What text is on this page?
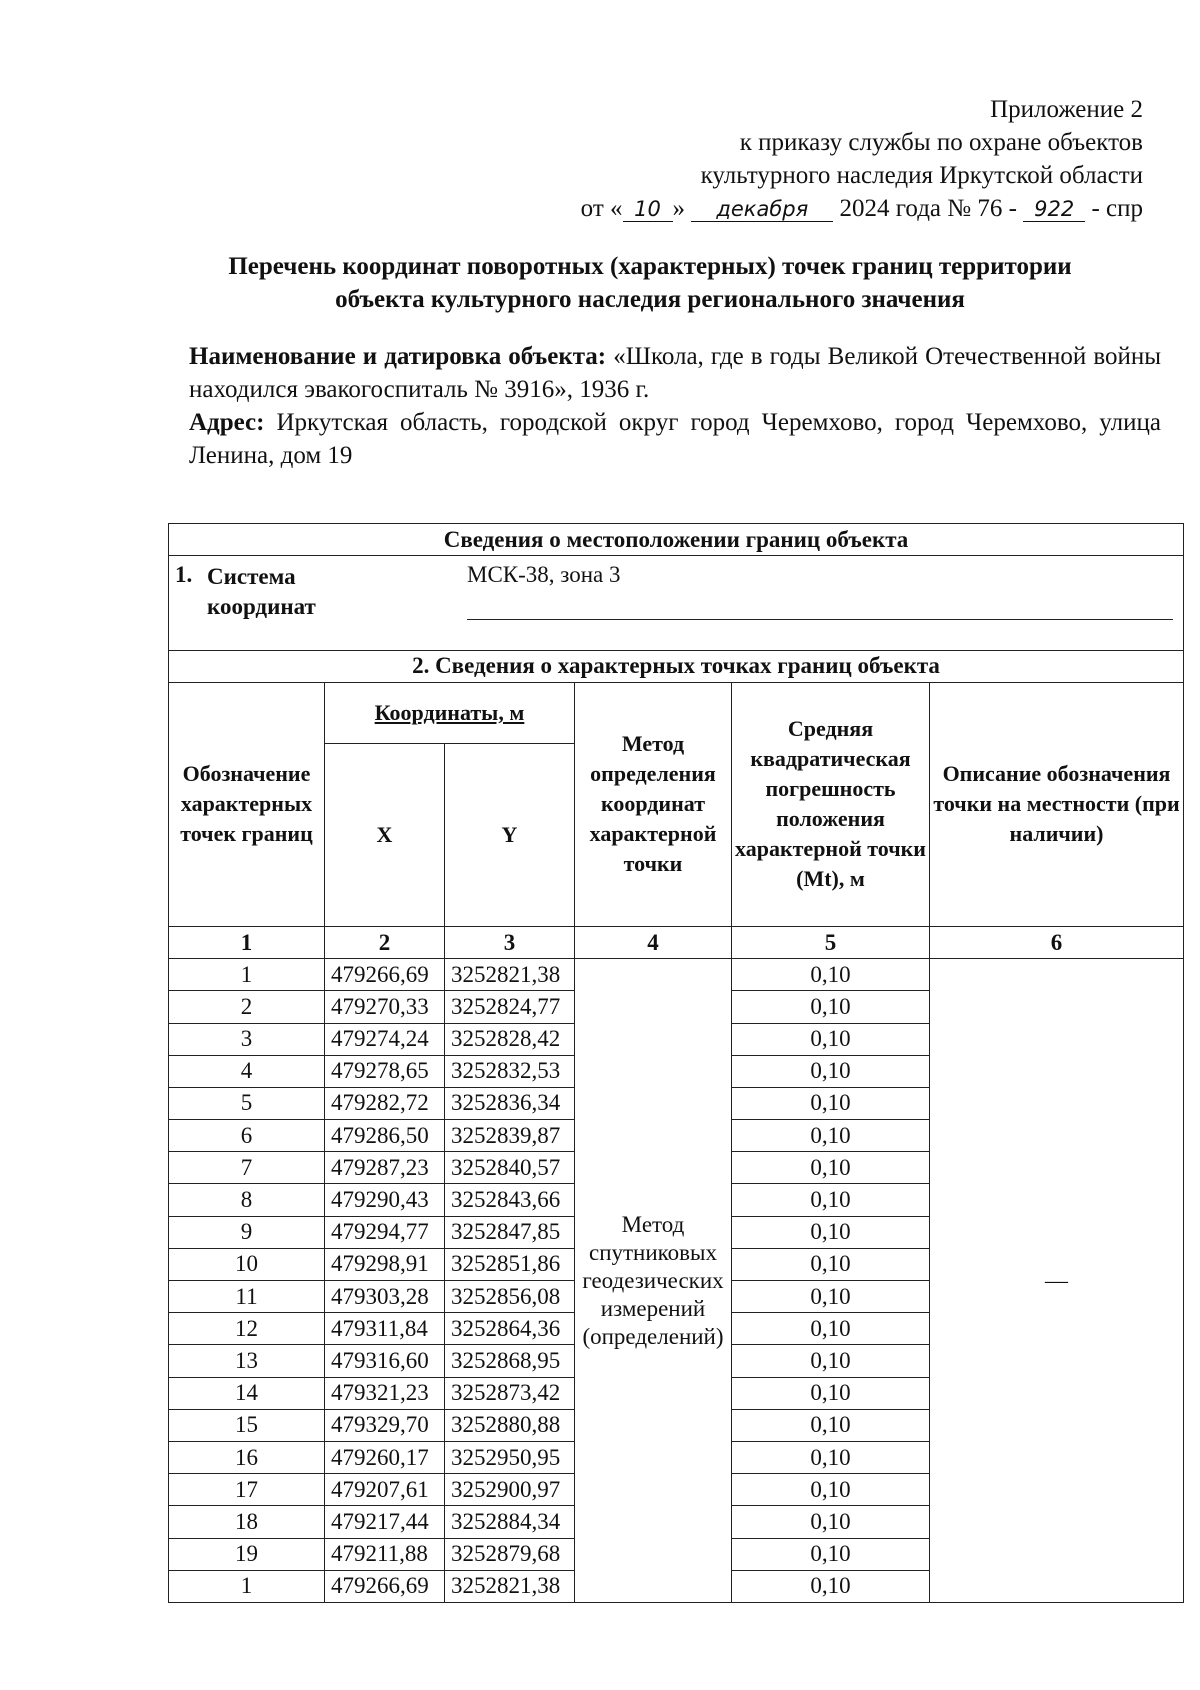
Приложение 2
к приказу службы по охране объектов
культурного наследия Иркутской области
от « 10 » декабря 2024 года № 76 - 922 - спр
Перечень координат поворотных (характерных) точек границ территории
объекта культурного наследия регионального значения

Наименование и датировка объекта: «Школа, где в годы Великой Отечественной войны находился эвакогоспиталь № 3916», 1936 г.

Адрес: Иркутская область, городской округ город Черемхово, город Черемхово, улица Ленина, дом 19

Сведения о местоположении границ объекта					

1. Система координат
МСК-38, зона 3					

2. Сведения о характерных точках границ объекта					
Обозначение характерных точек границ	Координаты, м		Метод определения координат характерной точки	Средняя квадратическая погрешность положения характерной точки (Mt), м	Описание обозначения точки на местности (при наличии)
	X	Y			
1	2	3	4	5	6
1	479266,69	3252821,38	Метод спутниковых геодезических измерений (определений)	0,10	—
2	479270,33	3252824,77		0,10	
3	479274,24	3252828,42		0,10	
4	479278,65	3252832,53		0,10	
5	479282,72	3252836,34		0,10	
6	479286,50	3252839,87		0,10	
7	479287,23	3252840,57		0,10	
8	479290,43	3252843,66		0,10	
9	479294,77	3252847,85		0,10	
10	479298,91	3252851,86		0,10	
11	479303,28	3252856,08		0,10	
12	479311,84	3252864,36		0,10	
13	479316,60	3252868,95		0,10	
14	479321,23	3252873,42		0,10	
15	479329,70	3252880,88		0,10	
16	479260,17	3252950,95		0,10	
17	479207,61	3252900,97		0,10	
18	479217,44	3252884,34		0,10	
19	479211,88	3252879,68		0,10	
1	479266,69	3252821,38		0,10	
